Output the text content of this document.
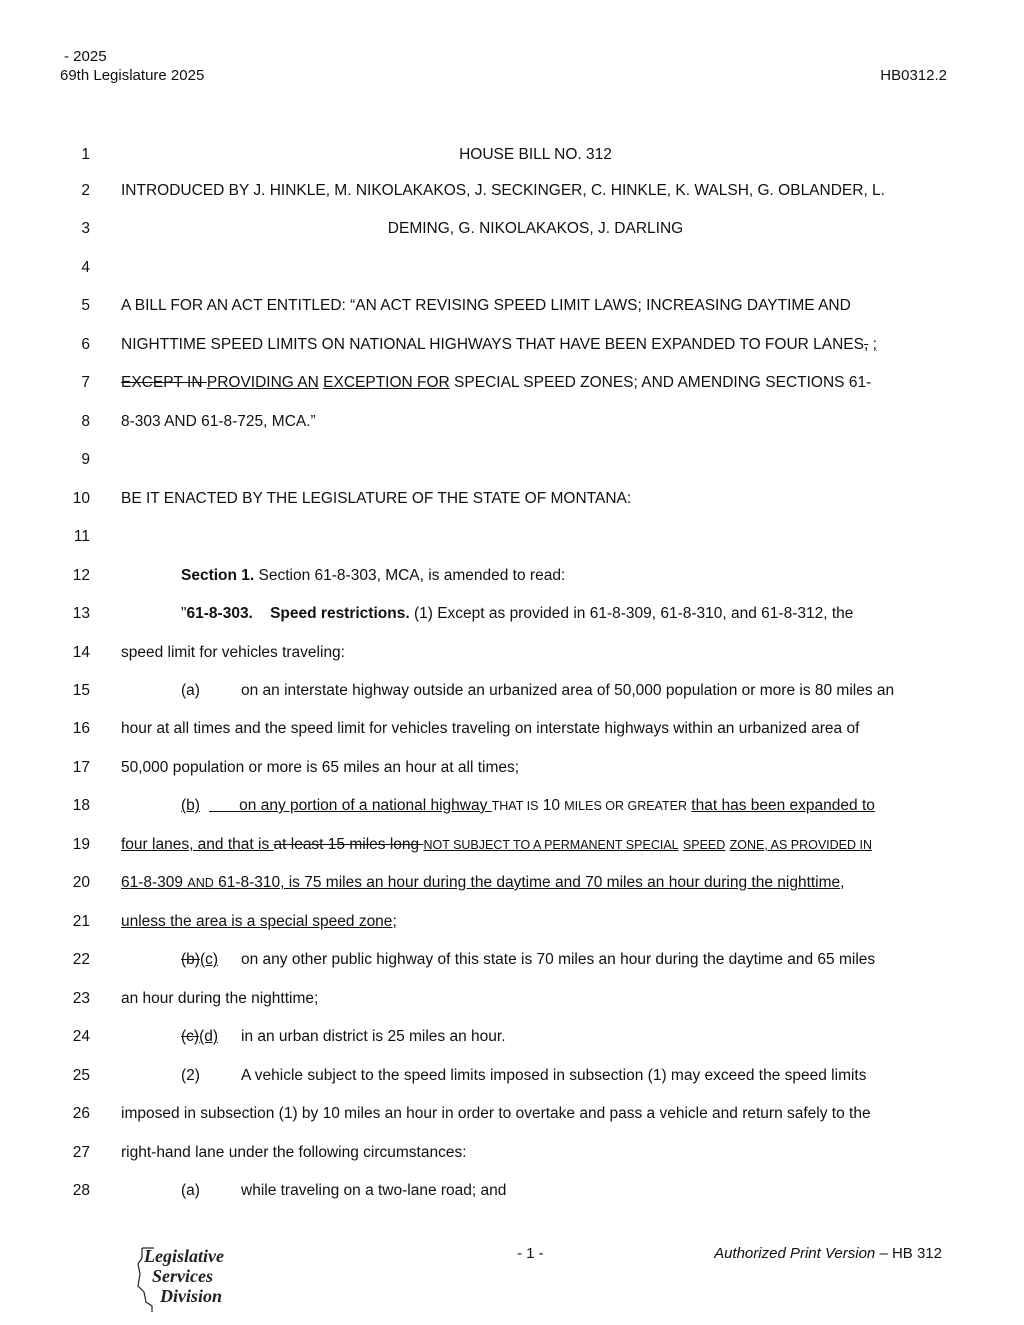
- 2025
69th Legislature 2025	HB0312.2
1	HOUSE BILL NO. 312
2 INTRODUCED BY J. HINKLE, M. NIKOLAKAKOS, J. SECKINGER, C. HINKLE, K. WALSH, G. OBLANDER, L.
3	DEMING, G. NIKOLAKAKOS, J. DARLING
4
5 A BILL FOR AN ACT ENTITLED: “AN ACT REVISING SPEED LIMIT LAWS; INCREASING DAYTIME AND
6 NIGHTTIME SPEED LIMITS ON NATIONAL HIGHWAYS THAT HAVE BEEN EXPANDED TO FOUR LANES, ;
7 EXCEPT IN PROVIDING AN EXCEPTION FOR SPECIAL SPEED ZONES; AND AMENDING SECTIONS 61-
8 8-303 AND 61-8-725, MCA.”
9
10 BE IT ENACTED BY THE LEGISLATURE OF THE STATE OF MONTANA:
11
12	Section 1. Section 61-8-303, MCA, is amended to read:
13	"61-8-303.    Speed restrictions. (1) Except as provided in 61-8-309, 61-8-310, and 61-8-312, the
14 speed limit for vehicles traveling:
15	(a)	on an interstate highway outside an urbanized area of 50,000 population or more is 80 miles an
16 hour at all times and the speed limit for vehicles traveling on interstate highways within an urbanized area of
17 50,000 population or more is 65 miles an hour at all times;
18	(b)	on any portion of a national highway THAT IS 10 MILES OR GREATER that has been expanded to
19 four lanes, and that is at least 15 miles long NOT SUBJECT TO A PERMANENT SPECIAL SPEED ZONE, AS PROVIDED IN
20 61-8-309 AND 61-8-310, is 75 miles an hour during the daytime and 70 miles an hour during the nighttime,
21 unless the area is a special speed zone;
22	(b)(c) on any other public highway of this state is 70 miles an hour during the daytime and 65 miles
23 an hour during the nighttime;
24	(c)(d) in an urban district is 25 miles an hour.
25	(2)	A vehicle subject to the speed limits imposed in subsection (1) may exceed the speed limits
26 imposed in subsection (1) by 10 miles an hour in order to overtake and pass a vehicle and return safely to the
27 right-hand lane under the following circumstances:
28	(a)	while traveling on a two-lane road; and
Legislative
Services
Division
- 1 -	Authorized Print Version – HB 312
